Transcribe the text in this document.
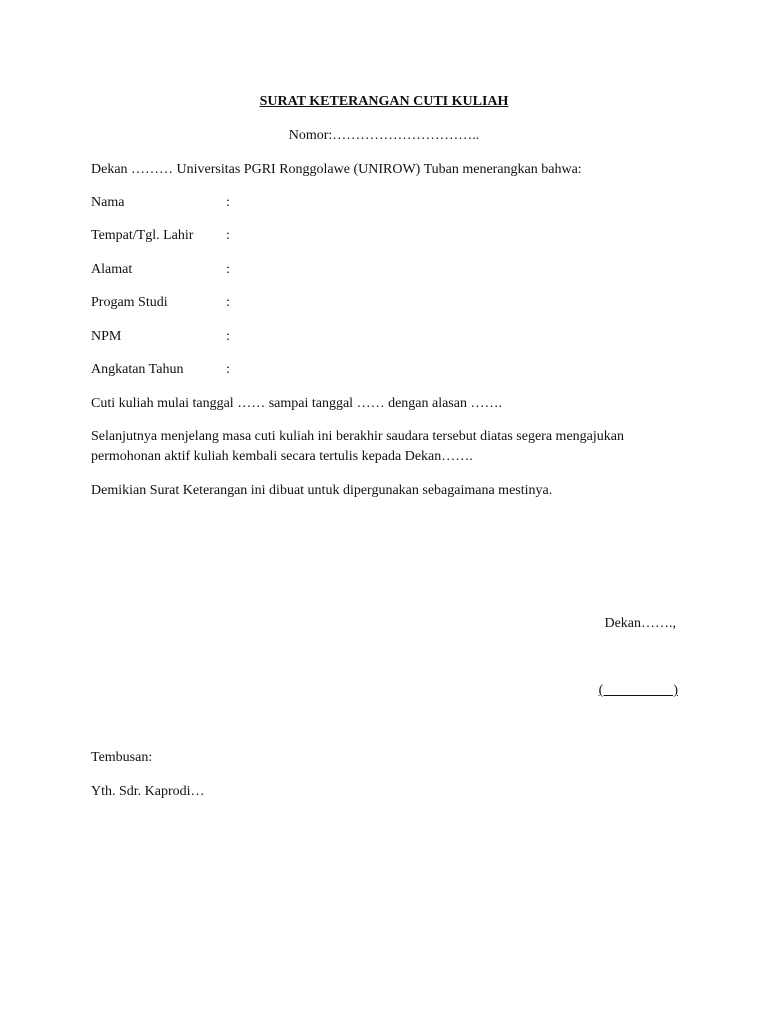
SURAT KETERANGAN CUTI KULIAH
Nomor:…………………………..
Dekan ……… Universitas PGRI Ronggolawe (UNIROW) Tuban menerangkan bahwa:
Nama	:
Tempat/Tgl. Lahir :
Alamat	:
Progam Studi	:
NPM	:
Angkatan Tahun	:
Cuti kuliah mulai tanggal …… sampai tanggal …… dengan alasan …….
Selanjutnya menjelang masa cuti kuliah ini berakhir saudara tersebut diatas segera mengajukan
permohonan aktif kuliah kembali secara tertulis kepada Dekan…….
Demikian Surat Keterangan ini dibuat untuk dipergunakan sebagaimana mestinya.
Dekan…….,
(                    )
Tembusan:
Yth. Sdr. Kaprodi…
